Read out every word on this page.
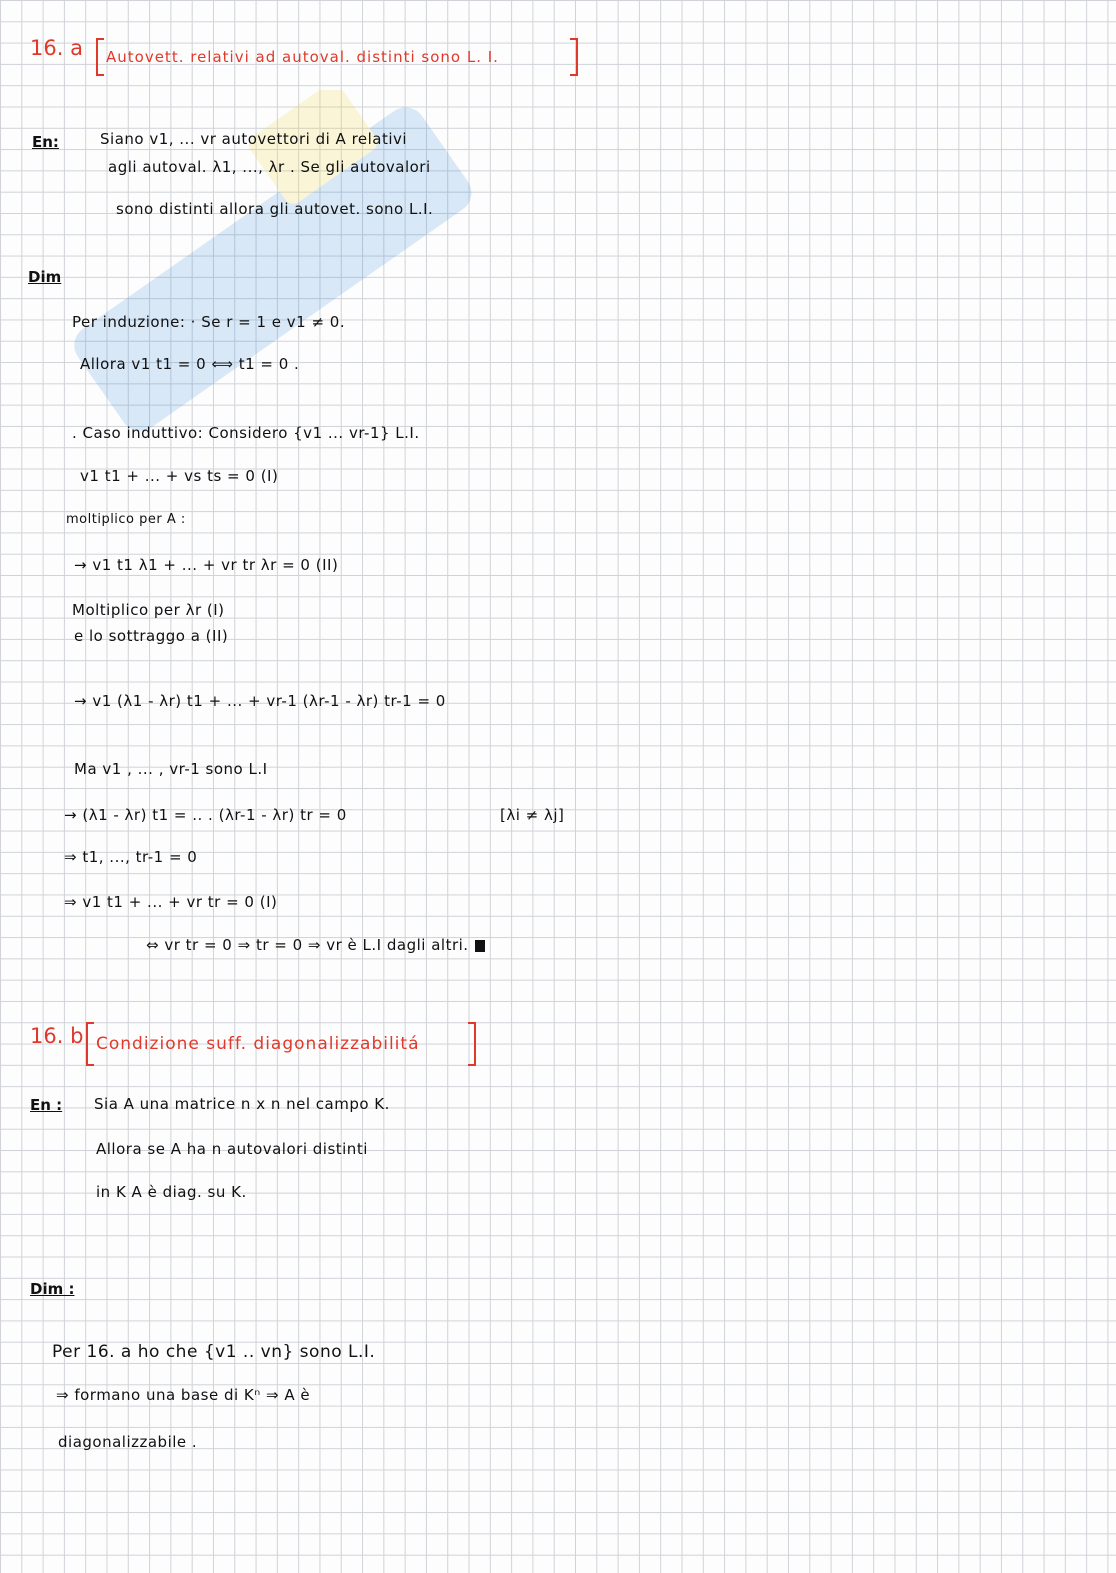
16. a	Autovett. relativi ad autoval. distinti sono L. I.
En:	Siano v1, ... vr autovettori di A relativi
agli autoval. λ1, ..., λr . Se gli autovalori
sono distinti allora gli autovet. sono L.I.
Dim
Per induzione: · Se r = 1 e v1 ≠ 0.
Allora v1 t1 = 0 ⟺ t1 = 0 .
. Caso induttivo: Considero {v1 ... vr-1} L.I.
v1 t1 + ... + vs ts = 0 (I)
moltiplico per A :
→ v1 t1 λ1 + ... + vr tr λr = 0 (II)
Moltiplico per λr (I)
e lo sottraggo a (II)
→ v1 (λ1 - λr) t1 + ... + vr-1 (λr-1 - λr) tr-1 = 0
Ma v1 , ... , vr-1 sono L.I
→ (λ1 - λr) t1 = .. . (λr-1 - λr) tr = 0	[λi ≠ λj]
⇒ t1, ..., tr-1 = 0
⇒ v1 t1 + ... + vr tr = 0 (I)
⇔ vr tr = 0 ⇒ tr = 0 ⇒ vr è L.I dagli altri.
16. b Condizione suff. diagonalizzabilitá
En : Sia A una matrice n x n nel campo K.
Allora se A ha n autovalori distinti
in K A è diag. su K.
Dim :
Per 16. a ho che {v1 .. vn} sono L.I.
⇒ formano una base di Kⁿ ⇒ A è
diagonalizzabile .
